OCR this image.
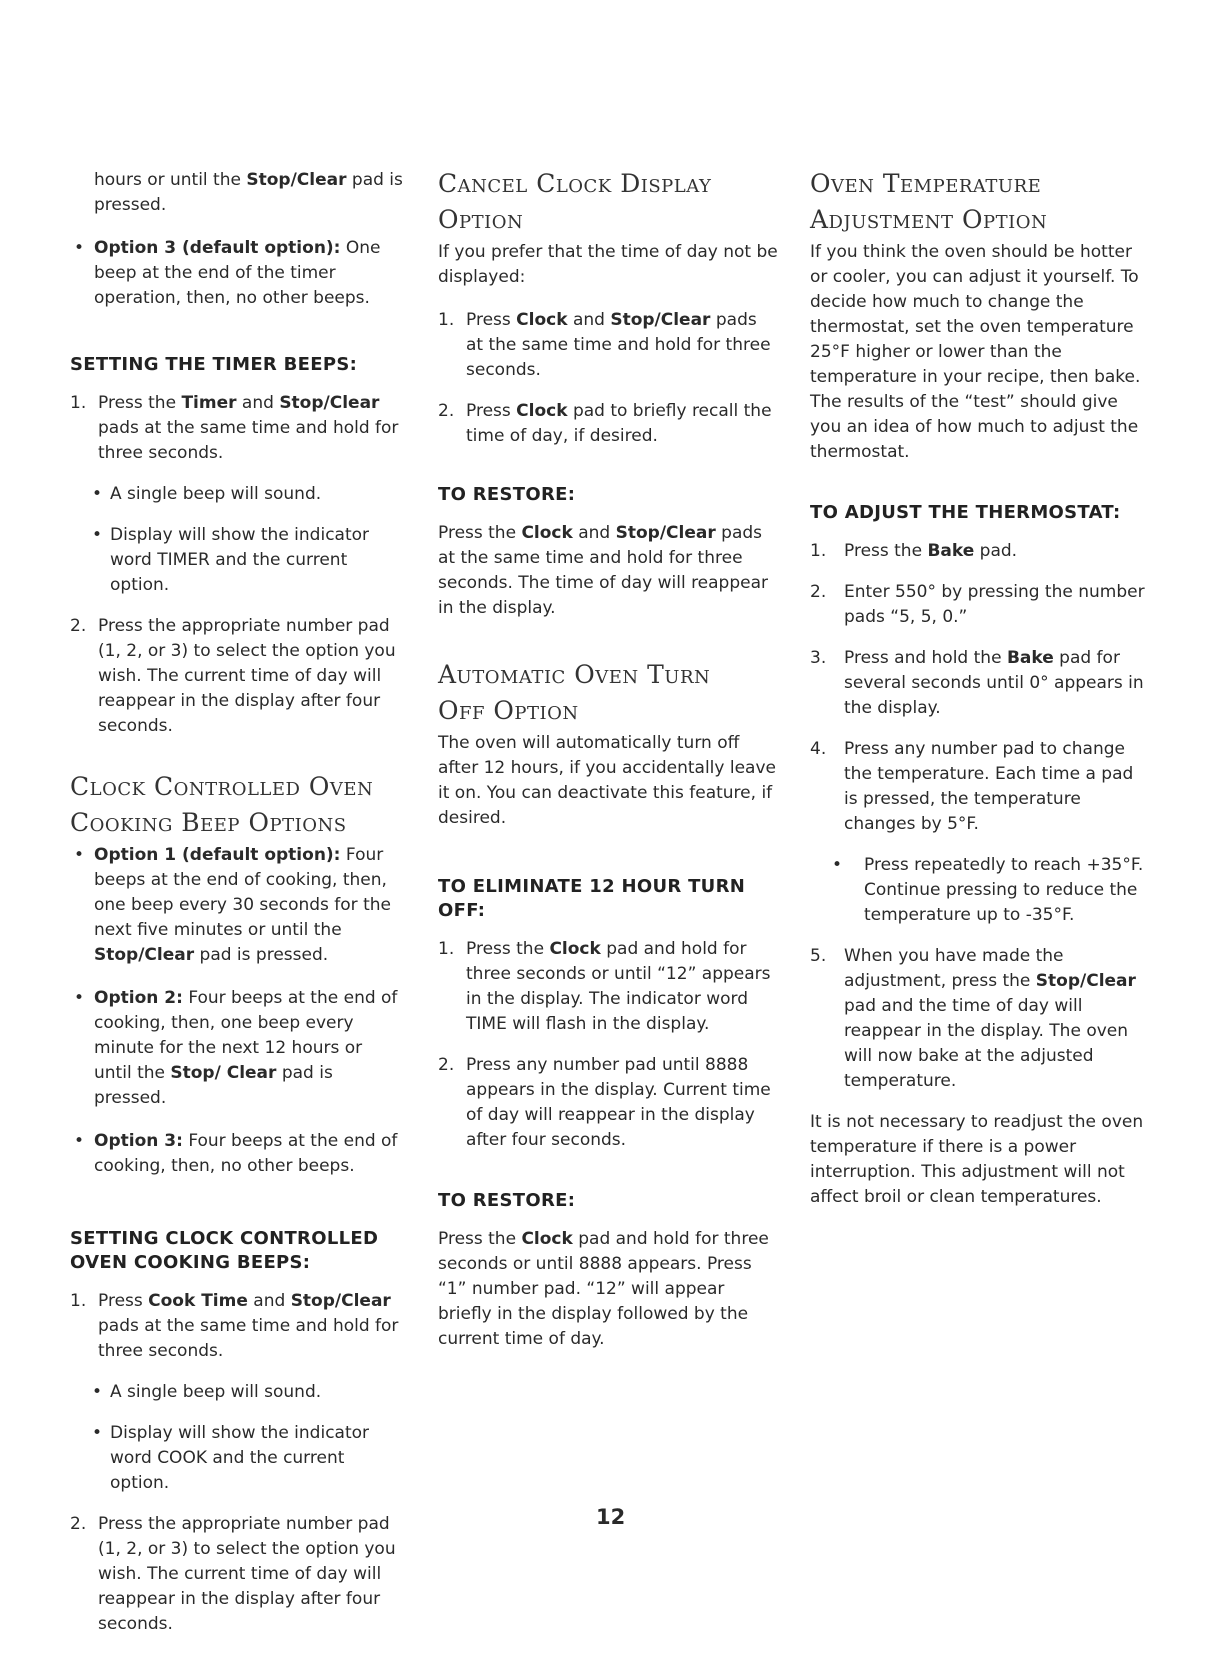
hours or until the Stop/Clear pad is pressed.

• Option 3 (default option): One beep at the end of the timer operation, then, no other beeps.

SETTING THE TIMER BEEPS:

1. Press the Timer and Stop/Clear pads at the same time and hold for three seconds.

• A single beep will sound.

• Display will show the indicator word TIMER and the current option.

2. Press the appropriate number pad (1, 2, or 3) to select the option you wish. The current time of day will reappear in the display after four seconds.

Clock Controlled Oven
Cooking Beep Options

• Option 1 (default option): Four beeps at the end of cooking, then, one beep every 30 seconds for the next five minutes or until the Stop/Clear pad is pressed.

• Option 2: Four beeps at the end of cooking, then, one beep every minute for the next 12 hours or until the Stop/ Clear pad is pressed.

• Option 3: Four beeps at the end of cooking, then, no other beeps.

SETTING CLOCK CONTROLLED OVEN COOKING BEEPS:

1. Press Cook Time and Stop/Clear pads at the same time and hold for three seconds.

• A single beep will sound.

• Display will show the indicator word COOK and the current option.

2. Press the appropriate number pad (1, 2, or 3) to select the option you wish. The current time of day will reappear in the display after four seconds.

Cancel Clock Display
Option

If you prefer that the time of day not be displayed:

1. Press Clock and Stop/Clear pads at the same time and hold for three seconds.

2. Press Clock pad to briefly recall the time of day, if desired.

TO RESTORE:

Press the Clock and Stop/Clear pads at the same time and hold for three seconds. The time of day will reappear in the display.

Automatic Oven Turn
Off Option

The oven will automatically turn off after 12 hours, if you accidentally leave it on. You can deactivate this feature, if desired.

TO ELIMINATE 12 HOUR TURN OFF:

1. Press the Clock pad and hold for three seconds or until “12” appears in the display. The indicator word TIME will flash in the display.

2. Press any number pad until 8888 appears in the display. Current time of day will reappear in the display after four seconds.

TO RESTORE:

Press the Clock pad and hold for three seconds or until 8888 appears. Press “1” number pad. “12” will appear briefly in the display followed by the current time of day.

Oven Temperature
Adjustment Option

If you think the oven should be hotter or cooler, you can adjust it yourself. To decide how much to change the thermostat, set the oven temperature 25°F higher or lower than the temperature in your recipe, then bake. The results of the “test” should give you an idea of how much to adjust the thermostat.

TO ADJUST THE THERMOSTAT:

1. Press the Bake pad.

2. Enter 550° by pressing the number pads “5, 5, 0.”

3. Press and hold the Bake pad for several seconds until 0° appears in the display.

4. Press any number pad to change the temperature. Each time a pad is pressed, the temperature changes by 5°F.

• Press repeatedly to reach +35°F. Continue pressing to reduce the temperature up to -35°F.

5. When you have made the adjustment, press the Stop/Clear pad and the time of day will reappear in the display. The oven will now bake at the adjusted temperature.

It is not necessary to readjust the oven temperature if there is a power interruption. This adjustment will not affect broil or clean temperatures.

12
